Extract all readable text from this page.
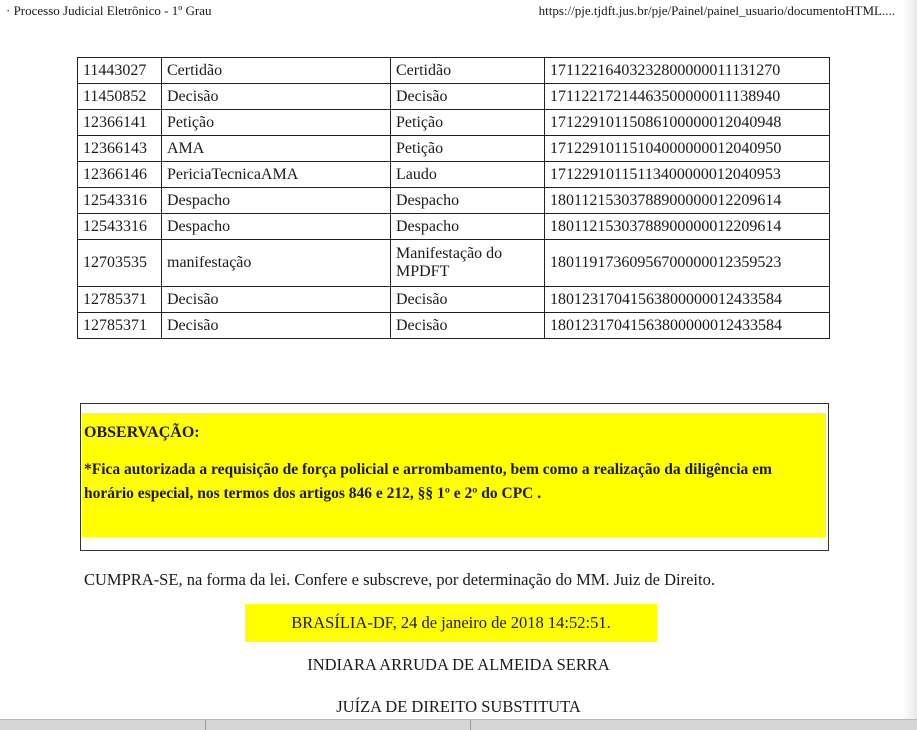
· Processo Judicial Eletrônico - 1º Grau	https://pje.tjdft.jus.br/pje/Painel/painel_usuario/documentoHTML....
11443027	Certidão	Certidão	17112216403232800000011131270
11450852	Decisão	Decisão	17112217214463500000011138940
12366141	Petição	Petição	17122910115086100000012040948
12366143	AMA	Petição	17122910115104000000012040950
12366146	PericiaTecnicaAMA	Laudo	17122910115113400000012040953
12543316	Despacho	Despacho	18011215303788900000012209614
12543316	Despacho	Despacho	18011215303788900000012209614
12703535	manifestação	Manifestação do MPDFT	18011917360956700000012359523
12785371	Decisão	Decisão	18012317041563800000012433584
12785371	Decisão	Decisão	18012317041563800000012433584
OBSERVAÇÃO:
*Fica autorizada a requisição de força policial e arrombamento, bem como a realização da diligência em horário especial, nos termos dos artigos 846 e 212, §§ 1º e 2º do CPC .
CUMPRA-SE, na forma da lei. Confere e subscreve, por determinação do MM. Juiz de Direito.
BRASÍLIA-DF, 24 de janeiro de 2018 14:52:51.
INDIARA ARRUDA DE ALMEIDA SERRA
JUÍZA DE DIREITO SUBSTITUTA
